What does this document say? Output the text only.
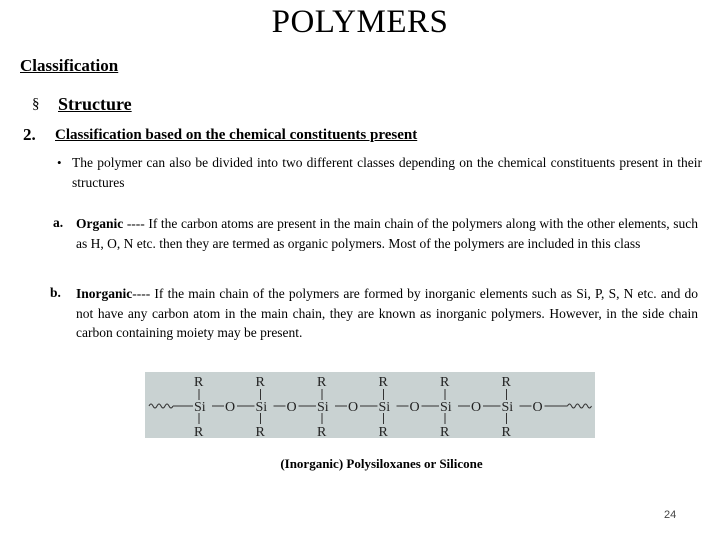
POLYMERS
Classification
§ Structure
2. Classification based on the chemical constituents present
• The polymer can also be divided into two different classes depending on the chemical constituents present in their structures
a. Organic ---- If the carbon atoms are present in the main chain of the polymers along with the other elements, such as H, O, N etc. then they are termed as organic polymers. Most of the polymers are included in this class
b. Inorganic---- If the main chain of the polymers are formed by inorganic elements such as Si, P, S, N etc. and do not have any carbon atom in the main chain, they are known as inorganic polymers. However, in the side chain carbon containing moiety may be present.
R
Si
R
O
R
Si
R
O
R
Si
R
O
R
Si
R
O
R
Si
R
O
R
Si
R
O
(Inorganic) Polysiloxanes or Silicone
24
